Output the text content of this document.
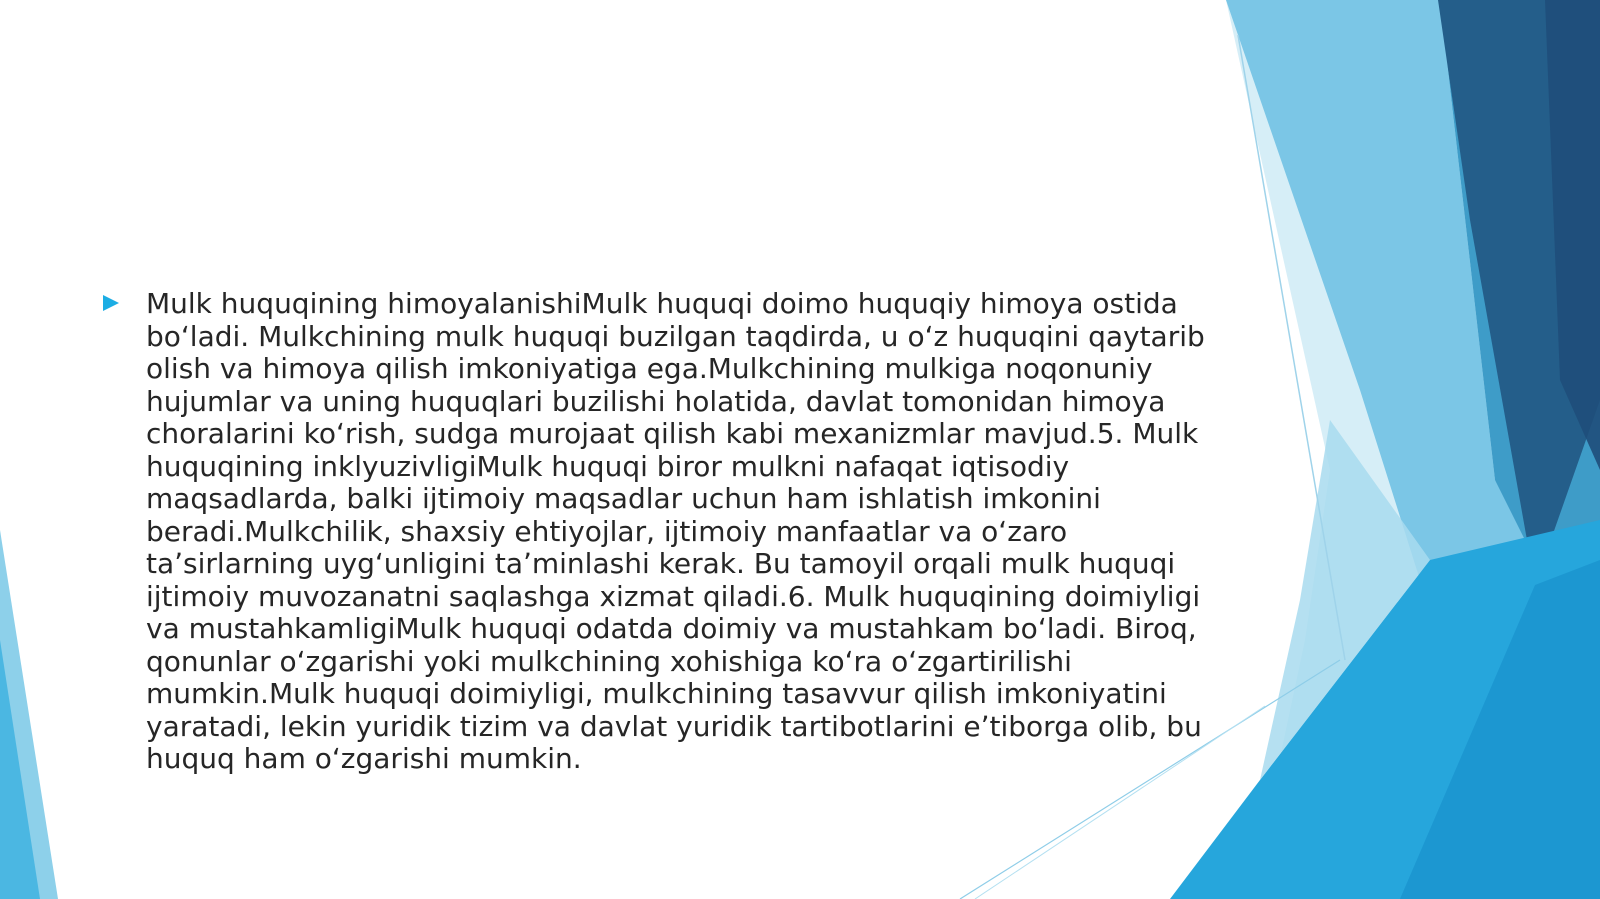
Mulk huquqining himoyalanishiMulk huquqi doimo huquqiy himoya ostida boʻladi. Mulkchining mulk huquqi buzilgan taqdirda, u oʻz huquqini qaytarib olish va himoya qilish imkoniyatiga ega.Mulkchining mulkiga noqonuniy hujumlar va uning huquqlari buzilishi holatida, davlat tomonidan himoya choralarini koʻrish, sudga murojaat qilish kabi mexanizmlar mavjud.5. Mulk huquqining inklyuzivligiMulk huquqi biror mulkni nafaqat iqtisodiy maqsadlarda, balki ijtimoiy maqsadlar uchun ham ishlatish imkonini beradi.Mulkchilik, shaxsiy ehtiyojlar, ijtimoiy manfaatlar va oʻzaro taʼsirlarning uygʻunligini taʼminlashi kerak. Bu tamoyil orqali mulk huquqi ijtimoiy muvozanatni saqlashga xizmat qiladi.6. Mulk huquqining doimiyligi va mustahkamligiMulk huquqi odatda doimiy va mustahkam boʻladi. Biroq, qonunlar oʻzgarishi yoki mulkchining xohishiga koʻra oʻzgartirilishi mumkin.Mulk huquqi doimiyligi, mulkchining tasavvur qilish imkoniyatini yaratadi, lekin yuridik tizim va davlat yuridik tartibotlarini eʼtiborga olib, bu huquq ham oʻzgarishi mumkin.
